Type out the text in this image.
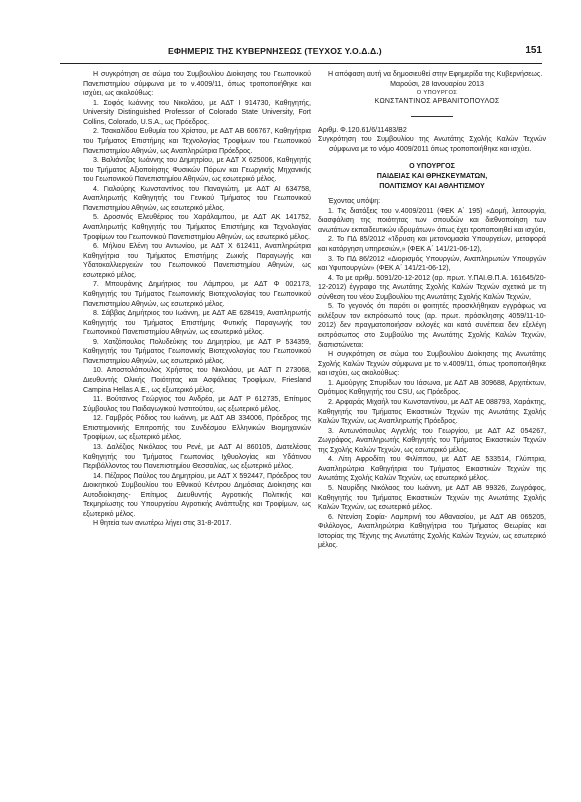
ΕΦΗΜΕΡΙΣ ΤΗΣ ΚΥΒΕΡΝΗΣΕΩΣ (ΤΕΥΧΟΣ Υ.Ο.Δ.Δ.)	151

Η συγκρότηση σε σώμα του Συμβουλίου Διοίκησης του Γεωπονικού Πανεπιστημίου σύμφωνα με το ν.4009/11, όπως τροποποιήθηκε και ισχύει, ως ακολούθως:

1. Σοφός Ιωάννης του Νικολάου, με ΑΔΤ Ι 914730, Καθηγητής, University Distinguished Professor of Colorado State University, Fort Collins, Colorado, U.S.A., ως Πρόεδρος.

2. Τσακαλίδου Ευθυμία του Χρίστου, με ΑΔΤ ΑΒ 606767, Καθηγήτρια του Τμήματος Επιστήμης και Τεχνολογίας Τροφίμων του Γεωπονικού Πανεπιστημίου Αθηνών, ως Αναπληρώτρια Πρόεδρος.

3. Βαλιάντζας Ιωάννης του Δημητρίου, με ΑΔΤ Χ 625006, Καθηγητής του Τμήματος Αξιοποίησης Φυσικών Πόρων και Γεωργικής Μηχανικής του Γεωπονικού Πανεπιστημίου Αθηνών, ως εσωτερικό μέλος.

4. Γιαλούρης Κωνσταντίνος του Παναγιώτη, με ΑΔΤ ΑΙ 634758, Αναπληρωτής Καθηγητής του Γενικού Τμήματος του Γεωπονικού Πανεπιστημίου Αθηνών, ως εσωτερικό μέλος.

5. Δροσινός Ελευθέριος του Χαράλαμπου, με ΑΔΤ ΑΚ 141752, Αναπληρωτής Καθηγητής του Τμήματος Επιστήμης και Τεχνολογίας Τροφίμων του Γεωπονικού Πανεπιστημίου Αθηνών, ως εσωτερικό μέλος.

6. Μήλιου Ελένη του Αντωνίου, με ΑΔΤ Χ 612411, Αναπληρώτρια Καθηγήτρια του Τμήματος Επιστήμης Ζωικής Παραγωγής και Υδατοκαλλιεργειών του Γεωπονικού Πανεπιστημίου Αθηνών, ως εσωτερικό μέλος.

7. Μπουράνης Δημήτριος του Λάμπρου, με ΑΔΤ Φ 002173, Καθηγητής του Τμήματος Γεωπονικής Βιοτεχνολογίας του Γεωπονικού Πανεπιστημίου Αθηνών, ως εσωτερικό μέλος.

8. Σάββας Δημήτριος του Ιωάννη, με ΑΔΤ ΑΕ 628419, Αναπληρωτής Καθηγητής του Τμήματος Επιστήμης Φυτικής Παραγωγής του Γεωπονικού Πανεπιστημίου Αθηνών, ως εσωτερικό μέλος.

9. Χατζόπουλος Πολυδεύκης του Δημητρίου, με ΑΔΤ Ρ 534359, Καθηγητής του Τμήματος Γεωπονικής Βιοτεχνολογίας του Γεωπονικού Πανεπιστημίου Αθηνών, ως εσωτερικό μέλος.

10. Αποστολόπουλος Χρήστος του Νικολάου, με ΑΔΤ Π 273068, Διευθυντής Ολικής Ποιότητας και Ασφάλειας Τροφίμων, Friesland Campina Hellas A.E., ως εξωτερικό μέλος.

11. Βούτσινος Γεώργιος του Ανδρέα, με ΑΔΤ Ρ 612735, Επίτιμος Σύμβουλος του Παιδαγωγικού Ινστιτούτου, ως εξωτερικό μέλος.

12. Γαμβρός Ρόδιος του Ιωάννη, με ΑΔΤ ΑΒ 334006, Πρόεδρος της Επιστημονικής Επιτροπής του Συνδέσμου Ελληνικών Βιομηχανιών Τροφίμων, ως εξωτερικό μέλος.

13. Δαλέζιος Νικόλαος του Ρενέ, με ΑΔΤ ΑΙ 860105, Διατελέσας Καθηγητής του Τμήματος Γεωπονίας Ιχθυολογίας και Υδάτινου Περιβάλλοντος του Πανεπιστημίου Θεσσαλίας, ως εξωτερικό μέλος.

14. Πέζαρος Παύλος του Δημητρίου, με ΑΔΤ Χ 592447, Πρόεδρος του Διοικητικού Συμβουλίου του Εθνικού Κέντρου Δημόσιας Διοίκησης και Αυτοδιοίκησης- Επίτιμος Διευθυντής Αγροτικής Πολιτικής και Τεκμηρίωσης του Υπουργείου Αγροτικής Ανάπτυξης και Τροφίμων, ως εξωτερικό μέλος.

Η θητεία των ανωτέρω λήγει στις 31-8-2017.

Η απόφαση αυτή να δημοσιευθεί στην Εφημερίδα της Κυβερνήσεως.

Μαρούσι, 28 Ιανουαρίου 2013

Ο ΥΠΟΥΡΓΟΣ

ΚΩΝΣΤΑΝΤΙΝΟΣ ΑΡΒΑΝΙΤΟΠΟΥΛΟΣ

Αριθμ. Φ.120.61/6/11483/Β2

Συγκρότηση του Συμβουλίου της Ανωτάτης Σχολής Καλών Τεχνών σύμφωνα με το νόμο 4009/2011 όπως τροποποιήθηκε και ισχύει.

Ο ΥΠΟΥΡΓΟΣ
ΠΑΙΔΕΙΑΣ ΚΑΙ ΘΡΗΣΚΕΥΜΑΤΩΝ,
ΠΟΛΙΤΙΣΜΟΥ ΚΑΙ ΑΘΛΗΤΙΣΜΟΥ

Έχοντας υπόψη:

1. Τις διατάξεις του ν.4009/2011 (ΦΕΚ Α΄ 195) «Δομή, λειτουργία, διασφάλιση της ποιότητας των σπουδών και διεθνοποίηση των ανωτάτων εκπαιδευτικών ιδρυμάτων» όπως έχει τροποποιηθεί και ισχύει,

2. Το ΠΔ 85/2012 «Ίδρυση και μετονομασία Υπουργείων, μεταφορά και κατάργηση υπηρεσιών,» (ΦΕΚ Α΄ 141/21-06-12),

3. Το ΠΔ 86/2012 «Διορισμός Υπουργών, Αναπληρωτών Υπουργών και Υφυπουργών» (ΦΕΚ Α΄ 141/21-06-12),

4. Το με αριθμ. 5091/20-12-2012 (αρ. πρωτ. Υ.ΠΑΙ.Θ.Π.Α. 161645/20-12-2012) έγγραφο της Ανωτάτης Σχολής Καλών Τεχνών σχετικά με τη σύνθεση του νέου Συμβουλίου της Ανωτάτης Σχολής Καλών Τεχνών,

5. Το γεγονός ότι παρότι οι φοιτητές προσκλήθηκαν εγγράφως να εκλέξουν τον εκπρόσωπό τους (αρ. πρωτ. πρόσκλησης 4059/11-10-2012) δεν πραγματοποιήσαν εκλογές και κατά συνέπεια δεν εξελέγη εκπρόσωπος στο Συμβούλιο της Ανωτάτης Σχολής Καλών Τεχνών, διαπιστώνεται:

Η συγκρότηση σε σώμα του Συμβουλίου Διοίκησης της Ανωτάτης Σχολής Καλών Τεχνών σύμφωνα με το ν.4009/11, όπως τροποποιήθηκε και ισχύει, ως ακολούθως:

1. Αμούργης Σπυρίδων του Ιάσωνα, με ΑΔΤ ΑΒ 309688, Αρχιτέκτων, Ομότιμος Καθηγητής του CSU, ως Πρόεδρος.

2. Αρφαράς Μιχαήλ του Κωνσταντίνου, με ΑΔΤ ΑΕ 088793, Χαράκτης, Καθηγητής του Τμήματος Εικαστικών Τεχνών της Ανωτάτης Σχολής Καλών Τεχνών, ως Αναπληρωτής Πρόεδρος.

3. Αντωνόπουλος Αγγελής του Γεωργίου, με ΑΔΤ ΑΖ 054267, Ζωγράφος, Αναπληρωτής Καθηγητής του Τμήματος Εικαστικών Τεχνών της Σχολής Καλών Τεχνών, ως εσωτερικό μέλος.

4. Λίτη Αφροδίτη του Φιλίππου, με ΑΔΤ ΑΕ 533514, Γλύπτρια, Αναπληρώτρια Καθηγήτρια του Τμήματος Εικαστικών Τεχνών της Ανωτάτης Σχολής Καλών Τεχνών, ως εσωτερικό μέλος.

5. Ναυρίδης Νικόλαος του Ιωάννη, με ΑΔΤ ΑΒ 99326, Ζωγράφος, Καθηγητής του Τμήματος Εικαστικών Τεχνών της Ανωτάτης Σχολής Καλών Τεχνών, ως εσωτερικό μέλος.

6. Ντενίση Σοφία- Λαμπρινή του Αθανασίου, με ΑΔΤ ΑΒ 065205, Φιλόλογος, Αναπληρώτρια Καθηγήτρια του Τμήματος Θεωρίας και Ιστορίας της Τέχνης της Ανωτάτης Σχολής Καλών Τεχνών, ως εσωτερικό μέλος.
